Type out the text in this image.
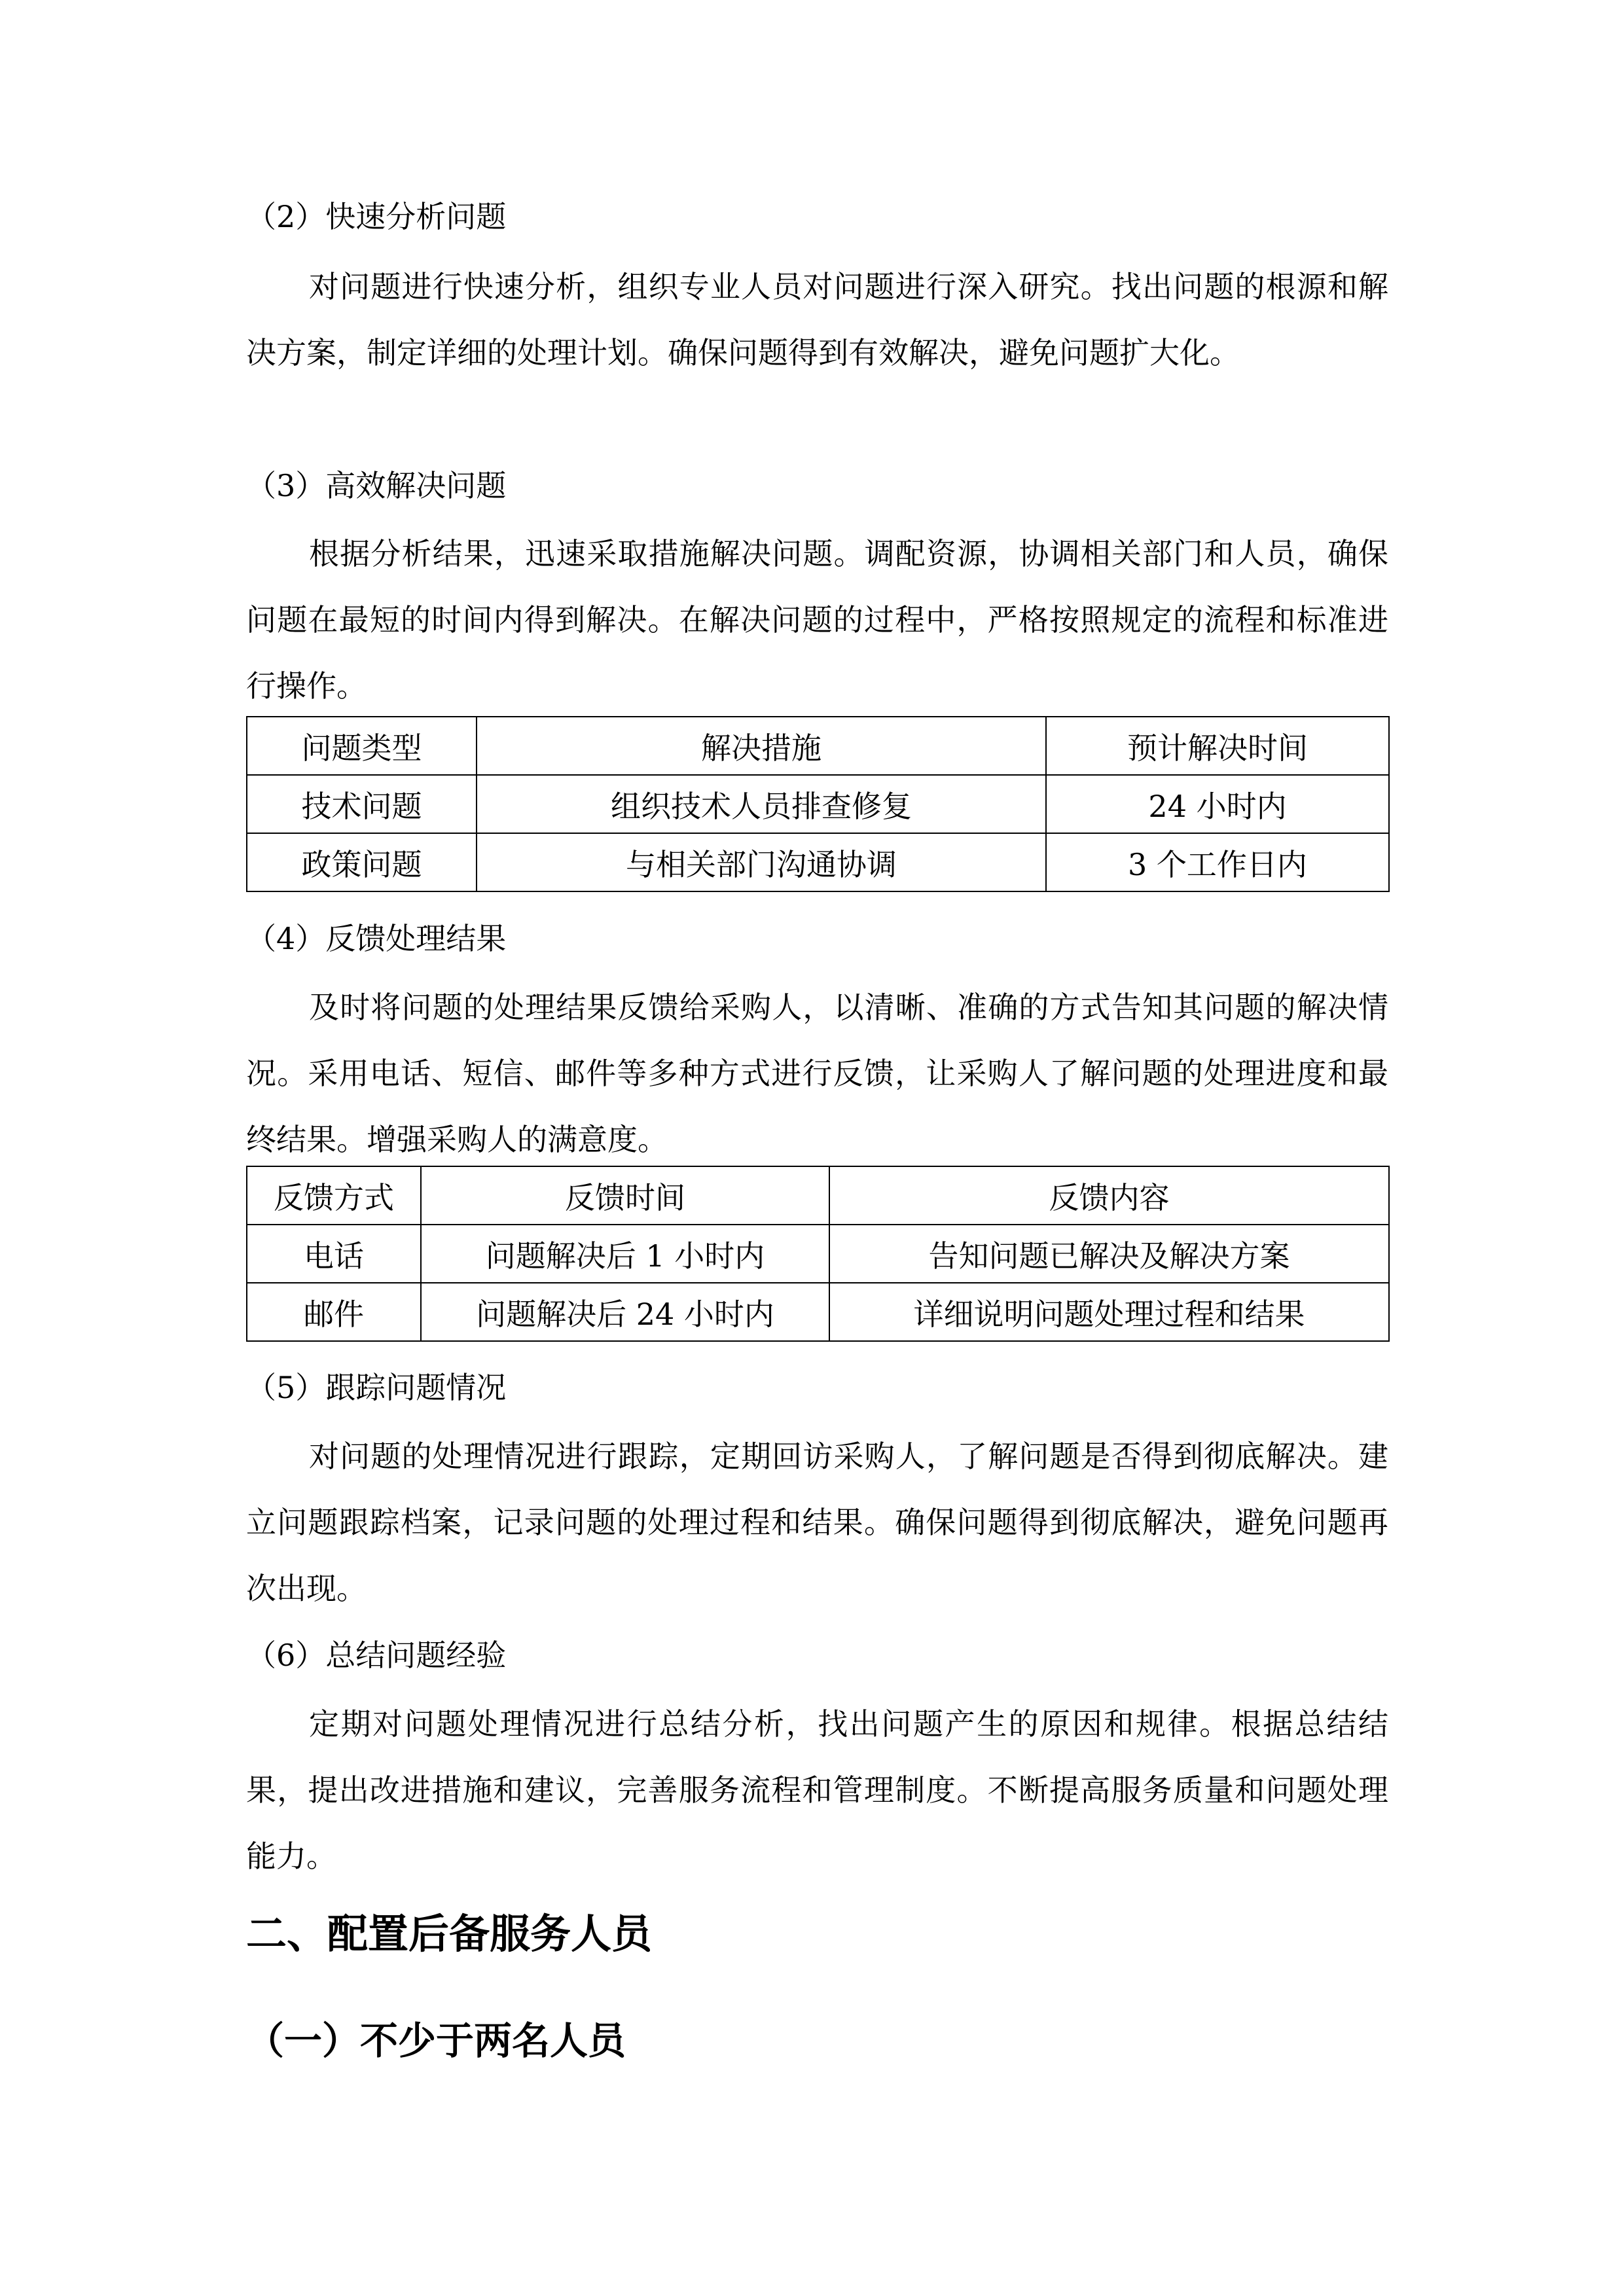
（2）快速分析问题

对问题进行快速分析，组织专业人员对问题进行深入研究。找出问题的根源和解决方案，制定详细的处理计划。确保问题得到有效解决，避免问题扩大化。

（3）高效解决问题

根据分析结果，迅速采取措施解决问题。调配资源，协调相关部门和人员，确保问题在最短的时间内得到解决。在解决问题的过程中，严格按照规定的流程和标准进行操作。

问题类型	解决措施	预计解决时间
技术问题	组织技术人员排查修复	24 小时内
政策问题	与相关部门沟通协调	3 个工作日内

（4）反馈处理结果

及时将问题的处理结果反馈给采购人，以清晰、准确的方式告知其问题的解决情况。采用电话、短信、邮件等多种方式进行反馈，让采购人了解问题的处理进度和最终结果。增强采购人的满意度。

反馈方式	反馈时间	反馈内容
电话	问题解决后 1 小时内	告知问题已解决及解决方案
邮件	问题解决后 24 小时内	详细说明问题处理过程和结果

（5）跟踪问题情况

对问题的处理情况进行跟踪，定期回访采购人，了解问题是否得到彻底解决。建立问题跟踪档案，记录问题的处理过程和结果。确保问题得到彻底解决，避免问题再次出现。

（6）总结问题经验

定期对问题处理情况进行总结分析，找出问题产生的原因和规律。根据总结结果，提出改进措施和建议，完善服务流程和管理制度。不断提高服务质量和问题处理能力。

二、配置后备服务人员
（一）不少于两名人员
